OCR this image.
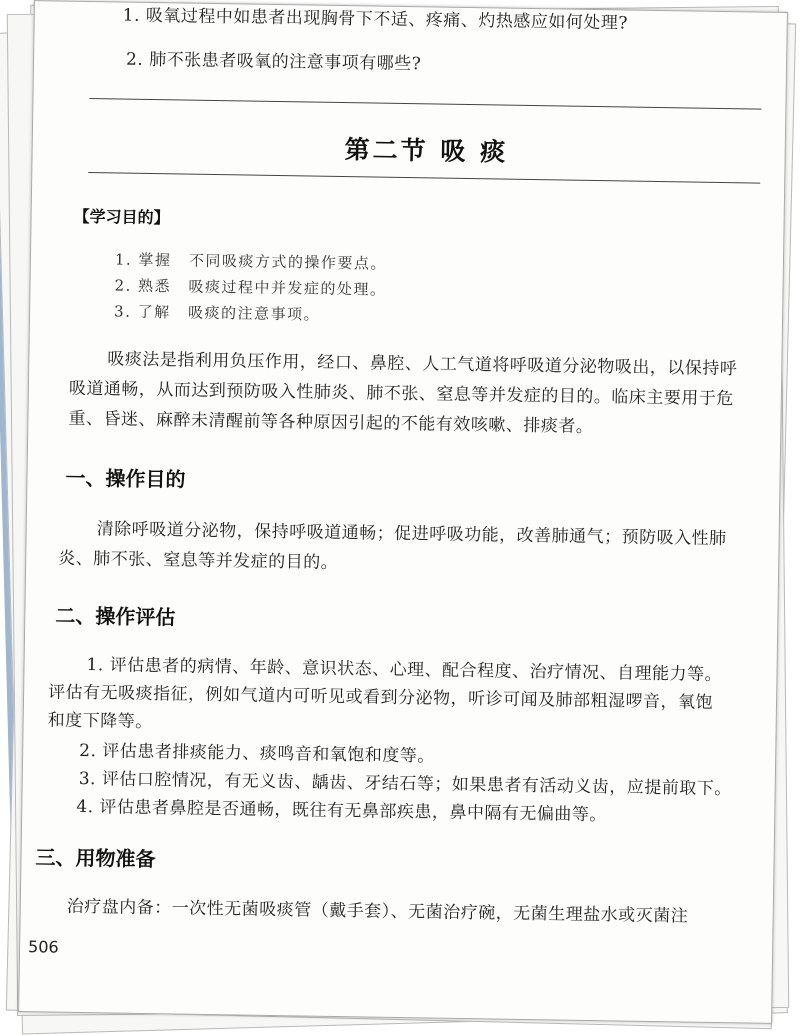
1. 吸氧过程中如患者出现胸骨下不适、疼痛、灼热感应如何处理?
2. 肺不张患者吸氧的注意事项有哪些?
第二节 吸 痰
【学习目的】
1. 掌握 不同吸痰方式的操作要点。
2. 熟悉 吸痰过程中并发症的处理。
3. 了解 吸痰的注意事项。
吸痰法是指利用负压作用，经口、鼻腔、人工气道将呼吸道分泌物吸出，以保持呼
吸道通畅，从而达到预防吸入性肺炎、肺不张、窒息等并发症的目的。临床主要用于危
重、昏迷、麻醉未清醒前等各种原因引起的不能有效咳嗽、排痰者。
一、操作目的
清除呼吸道分泌物，保持呼吸道通畅；促进呼吸功能，改善肺通气；预防吸入性肺
炎、肺不张、窒息等并发症的目的。
二、操作评估
1. 评估患者的病情、年龄、意识状态、心理、配合程度、治疗情况、自理能力等。
评估有无吸痰指征，例如气道内可听见或看到分泌物，听诊可闻及肺部粗湿啰音，氧饱
和度下降等。
2. 评估患者排痰能力、痰鸣音和氧饱和度等。
3. 评估口腔情况，有无义齿、龋齿、牙结石等；如果患者有活动义齿，应提前取下。
4. 评估患者鼻腔是否通畅，既往有无鼻部疾患，鼻中隔有无偏曲等。
三、用物准备
治疗盘内备：一次性无菌吸痰管（戴手套）、无菌治疗碗，无菌生理盐水或灭菌注
506
